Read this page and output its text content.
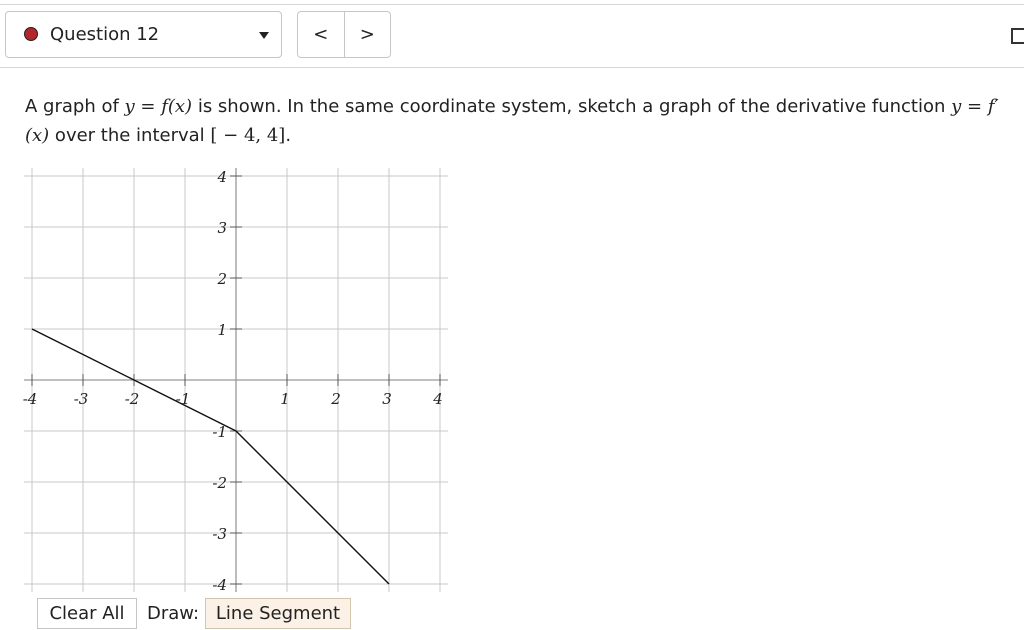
Question 12	<	>
A graph of y = f(x) is shown. In the same coordinate system, sketch a graph of the derivative function y = f′(x) over the interval [ − 4, 4].
-4 -3 -2 -1	1	2	3	4
4
3
2
1
-1
-2
-3
-4
Clear All	Draw: Line Segment
